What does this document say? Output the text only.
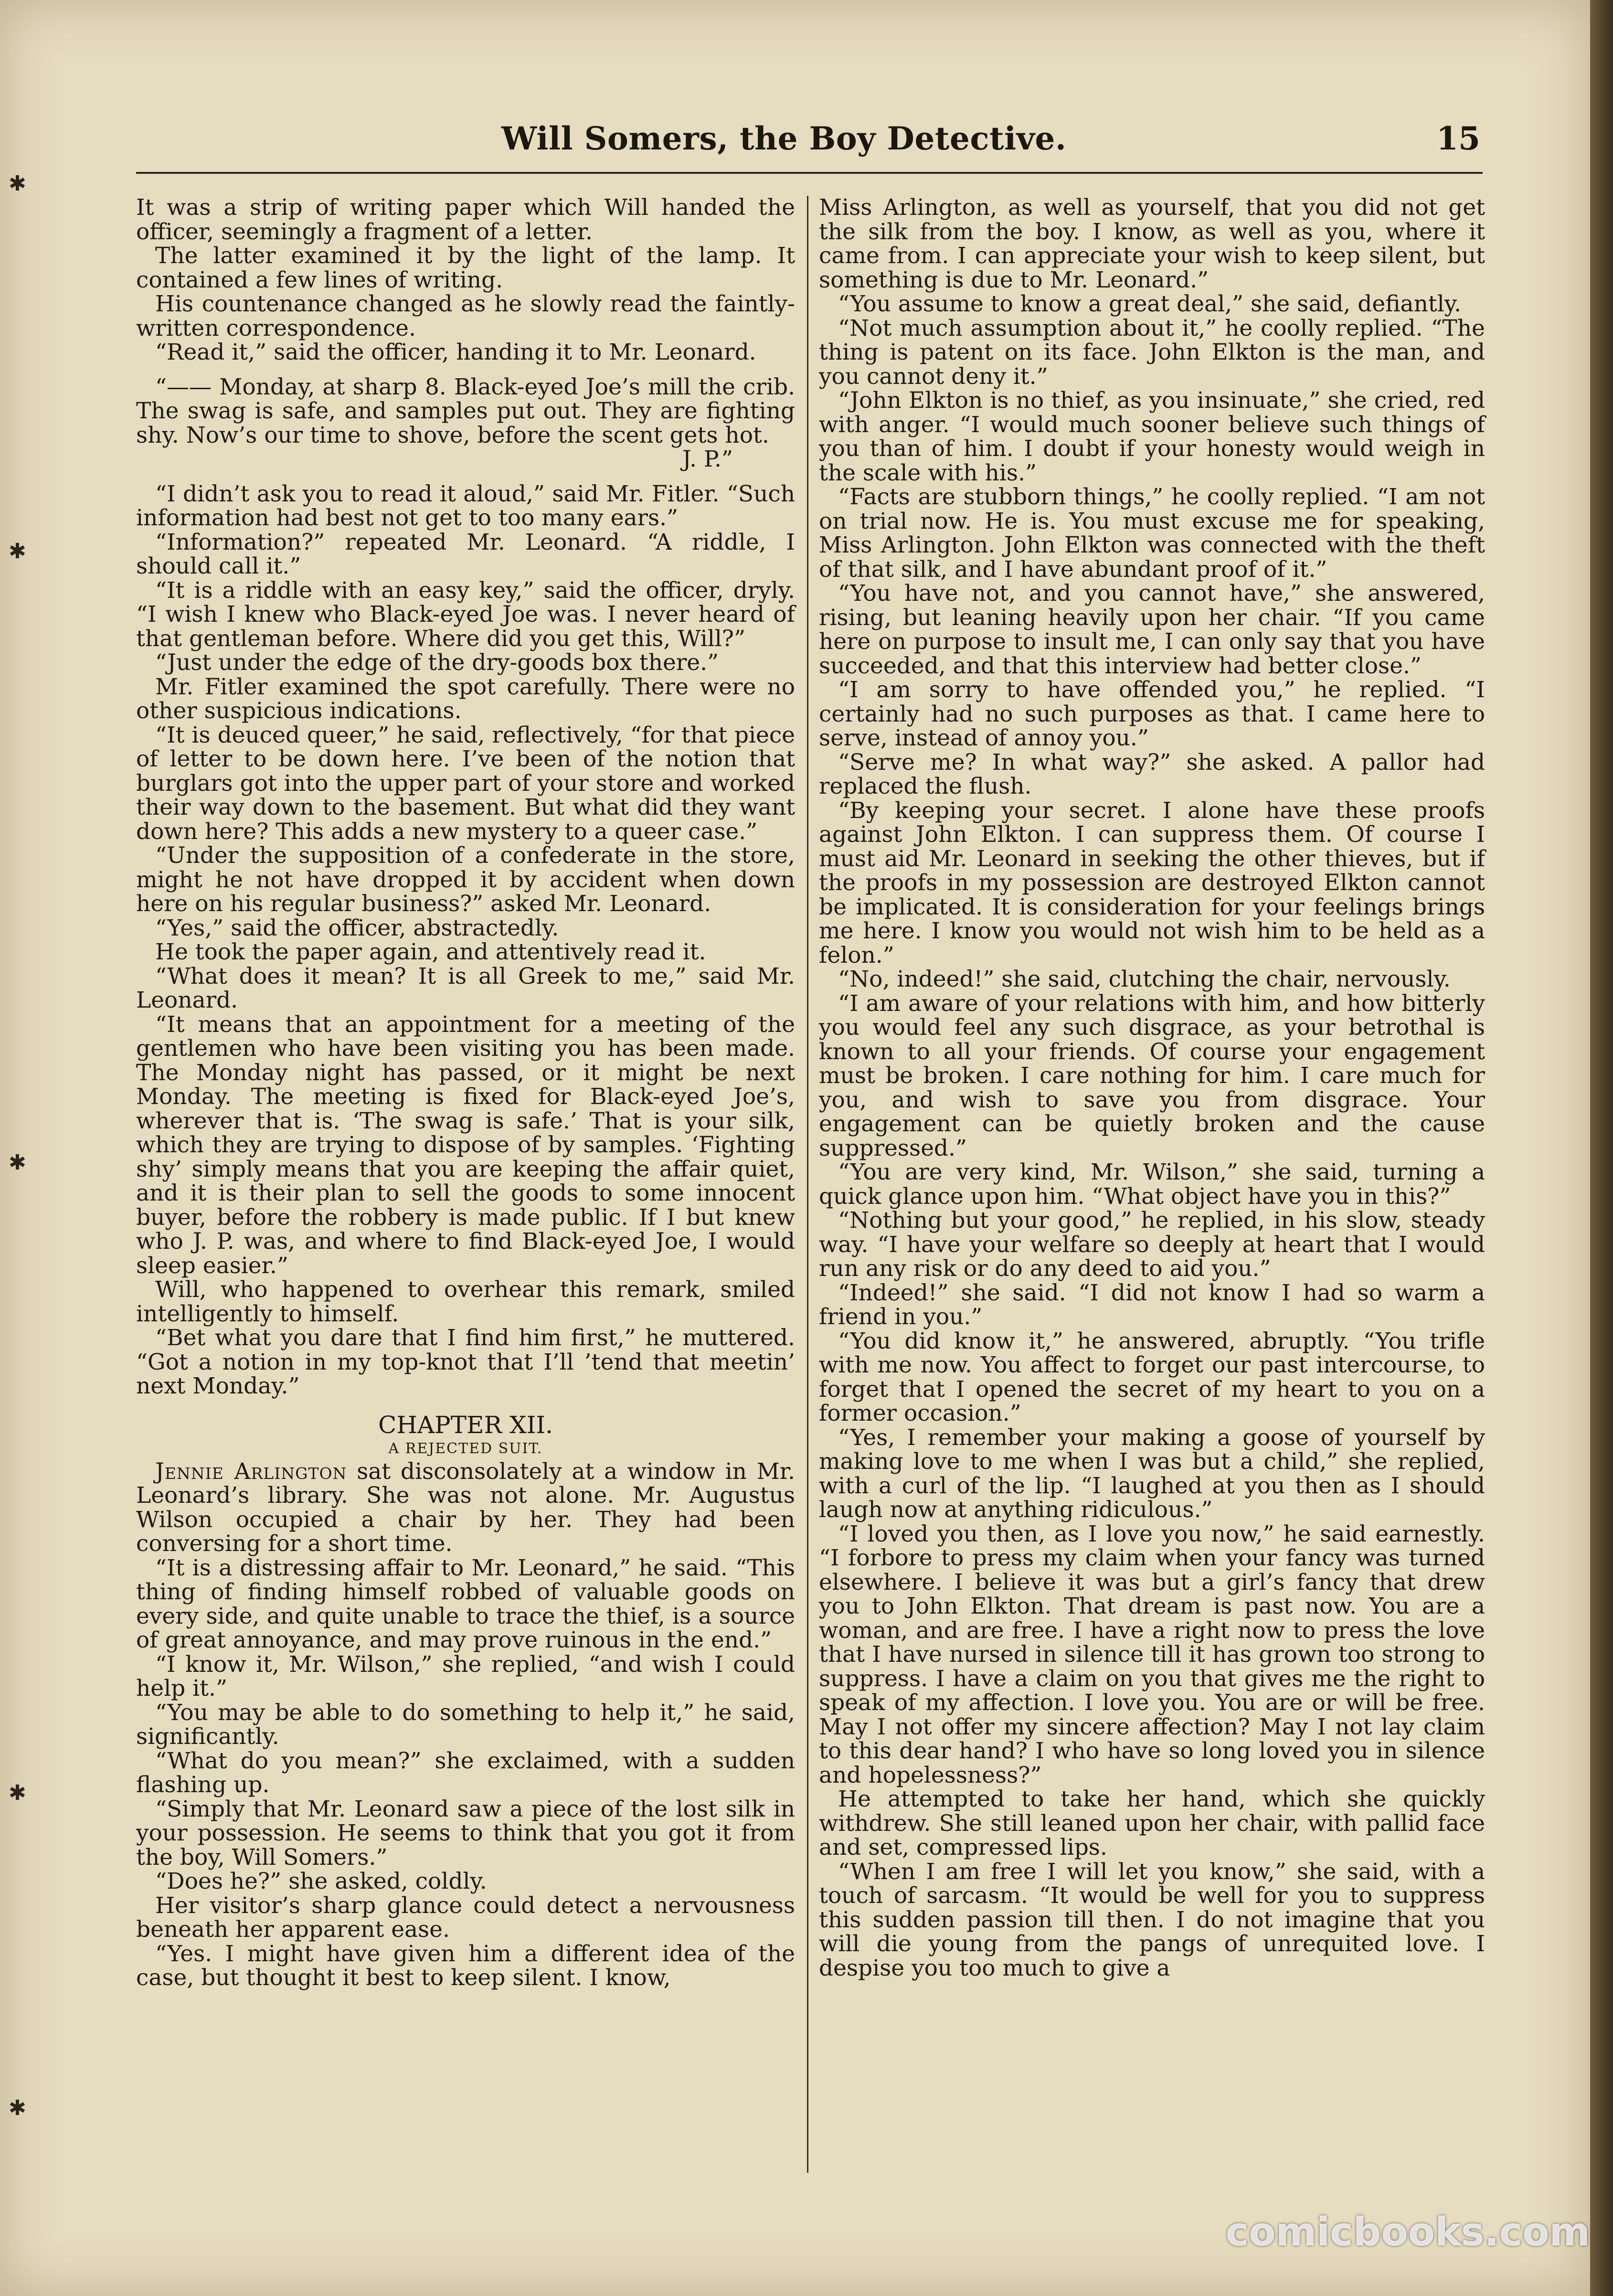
✱
✱
✱
✱
✱
Will Somers, the Boy Detective.	15

It was a strip of writing paper which Will handed the officer, seemingly a fragment of a letter.

The latter examined it by the light of the lamp. It contained a few lines of writing.

His countenance changed as he slowly read the faintly-written correspondence.

“Read it,” said the officer, handing it to Mr. Leonard.

“—— Monday, at sharp 8. Black-eyed Joe’s mill the crib. The swag is safe, and samples put out. They are fighting shy. Now’s our time to shove, before the scent gets hot.

J. P.”

“I didn’t ask you to read it aloud,” said Mr. Fitler. “Such information had best not get to too many ears.”

“Information?” repeated Mr. Leonard. “A riddle, I should call it.”

“It is a riddle with an easy key,” said the officer, dryly. “I wish I knew who Black-eyed Joe was. I never heard of that gentleman before. Where did you get this, Will?”

“Just under the edge of the dry-goods box there.”

Mr. Fitler examined the spot carefully. There were no other suspicious indications.

“It is deuced queer,” he said, reflectively, “for that piece of letter to be down here. I’ve been of the notion that burglars got into the upper part of your store and worked their way down to the basement. But what did they want down here? This adds a new mystery to a queer case.”

“Under the supposition of a confederate in the store, might he not have dropped it by accident when down here on his regular business?” asked Mr. Leonard.

“Yes,” said the officer, abstractedly.

He took the paper again, and attentively read it.

“What does it mean? It is all Greek to me,” said Mr. Leonard.

“It means that an appointment for a meeting of the gentlemen who have been visiting you has been made. The Monday night has passed, or it might be next Monday. The meeting is fixed for Black-eyed Joe’s, wherever that is. ‘The swag is safe.’ That is your silk, which they are trying to dispose of by samples. ‘Fighting shy’ simply means that you are keeping the affair quiet, and it is their plan to sell the goods to some innocent buyer, before the robbery is made public. If I but knew who J. P. was, and where to find Black-eyed Joe, I would sleep easier.”

Will, who happened to overhear this remark, smiled intelligently to himself.

“Bet what you dare that I find him first,” he muttered. “Got a notion in my top-knot that I’ll ’tend that meetin’ next Monday.”

CHAPTER XII.
A REJECTED SUIT.

Jennie Arlington sat disconsolately at a window in Mr. Leonard’s library. She was not alone. Mr. Augustus Wilson occupied a chair by her. They had been conversing for a short time.

“It is a distressing affair to Mr. Leonard,” he said. “This thing of finding himself robbed of valuable goods on every side, and quite unable to trace the thief, is a source of great annoyance, and may prove ruinous in the end.”

“I know it, Mr. Wilson,” she replied, “and wish I could help it.”

“You may be able to do something to help it,” he said, significantly.

“What do you mean?” she exclaimed, with a sudden flashing up.

“Simply that Mr. Leonard saw a piece of the lost silk in your possession. He seems to think that you got it from the boy, Will Somers.”

“Does he?” she asked, coldly.

Her visitor’s sharp glance could detect a nervousness beneath her apparent ease.

“Yes. I might have given him a different idea of the case, but thought it best to keep silent. I know,

Miss Arlington, as well as yourself, that you did not get the silk from the boy. I know, as well as you, where it came from. I can appreciate your wish to keep silent, but something is due to Mr. Leonard.”

“You assume to know a great deal,” she said, defiantly.

“Not much assumption about it,” he coolly replied. “The thing is patent on its face. John Elkton is the man, and you cannot deny it.”

“John Elkton is no thief, as you insinuate,” she cried, red with anger. “I would much sooner believe such things of you than of him. I doubt if your honesty would weigh in the scale with his.”

“Facts are stubborn things,” he coolly replied. “I am not on trial now. He is. You must excuse me for speaking, Miss Arlington. John Elkton was connected with the theft of that silk, and I have abundant proof of it.”

“You have not, and you cannot have,” she answered, rising, but leaning heavily upon her chair. “If you came here on purpose to insult me, I can only say that you have succeeded, and that this interview had better close.”

“I am sorry to have offended you,” he replied. “I certainly had no such purposes as that. I came here to serve, instead of annoy you.”

“Serve me? In what way?” she asked. A pallor had replaced the flush.

“By keeping your secret. I alone have these proofs against John Elkton. I can suppress them. Of course I must aid Mr. Leonard in seeking the other thieves, but if the proofs in my possession are destroyed Elkton cannot be implicated. It is consideration for your feelings brings me here. I know you would not wish him to be held as a felon.”

“No, indeed!” she said, clutching the chair, nervously.

“I am aware of your relations with him, and how bitterly you would feel any such disgrace, as your betrothal is known to all your friends. Of course your engagement must be broken. I care nothing for him. I care much for you, and wish to save you from disgrace. Your engagement can be quietly broken and the cause suppressed.”

“You are very kind, Mr. Wilson,” she said, turning a quick glance upon him. “What object have you in this?”

“Nothing but your good,” he replied, in his slow, steady way. “I have your welfare so deeply at heart that I would run any risk or do any deed to aid you.”

“Indeed!” she said. “I did not know I had so warm a friend in you.”

“You did know it,” he answered, abruptly. “You trifle with me now. You affect to forget our past intercourse, to forget that I opened the secret of my heart to you on a former occasion.”

“Yes, I remember your making a goose of yourself by making love to me when I was but a child,” she replied, with a curl of the lip. “I laughed at you then as I should laugh now at anything ridiculous.”

“I loved you then, as I love you now,” he said earnestly. “I forbore to press my claim when your fancy was turned elsewhere. I believe it was but a girl’s fancy that drew you to John Elkton. That dream is past now. You are a woman, and are free. I have a right now to press the love that I have nursed in silence till it has grown too strong to suppress. I have a claim on you that gives me the right to speak of my affection. I love you. You are or will be free. May I not offer my sincere affection? May I not lay claim to this dear hand? I who have so long loved you in silence and hopelessness?”

He attempted to take her hand, which she quickly withdrew. She still leaned upon her chair, with pallid face and set, compressed lips.

“When I am free I will let you know,” she said, with a touch of sarcasm. “It would be well for you to suppress this sudden passion till then. I do not imagine that you will die young from the pangs of unrequited love. I despise you too much to give a

comicbooks.com
